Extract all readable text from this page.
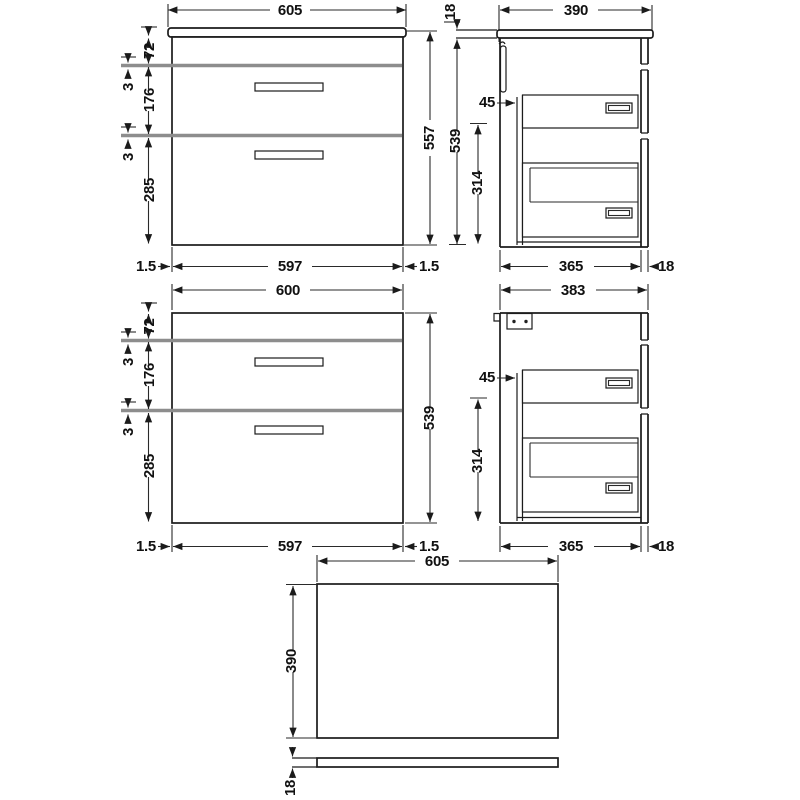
605
557
72
176
285
3
3
1.5	597	1.5
390
18
539
314
45
365	18
600
539
72
176
285
3
3
1.5	597	1.5
383
45
314
365	18
605
390
18
